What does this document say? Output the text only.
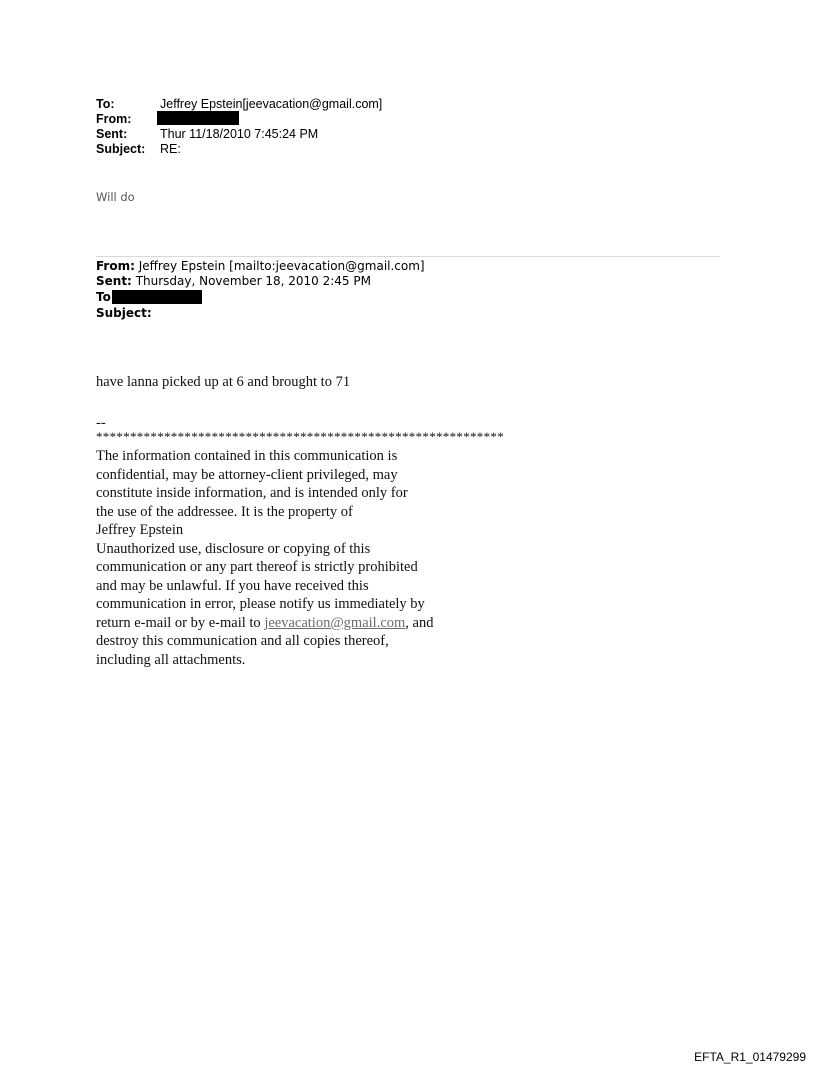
To:	Jeffrey Epstein[jeevacation@gmail.com]
From:
Sent:	Thur 11/18/2010 7:45:24 PM
Subject: RE:
Will do
From: Jeffrey Epstein [mailto:jeevacation@gmail.com]
Sent: Thursday, November 18, 2010 2:45 PM
To
Subject:
have lanna picked up at 6 and brought to 71
--
************************************************************
The information contained in this communication is
confidential, may be attorney-client privileged, may
constitute inside information, and is intended only for
the use of the addressee. It is the property of
Jeffrey Epstein
Unauthorized use, disclosure or copying of this
communication or any part thereof is strictly prohibited
and may be unlawful. If you have received this
communication in error, please notify us immediately by
return e-mail or by e-mail to jeevacation@gmail.com, and
destroy this communication and all copies thereof,
including all attachments.
EFTA_R1_01479299
